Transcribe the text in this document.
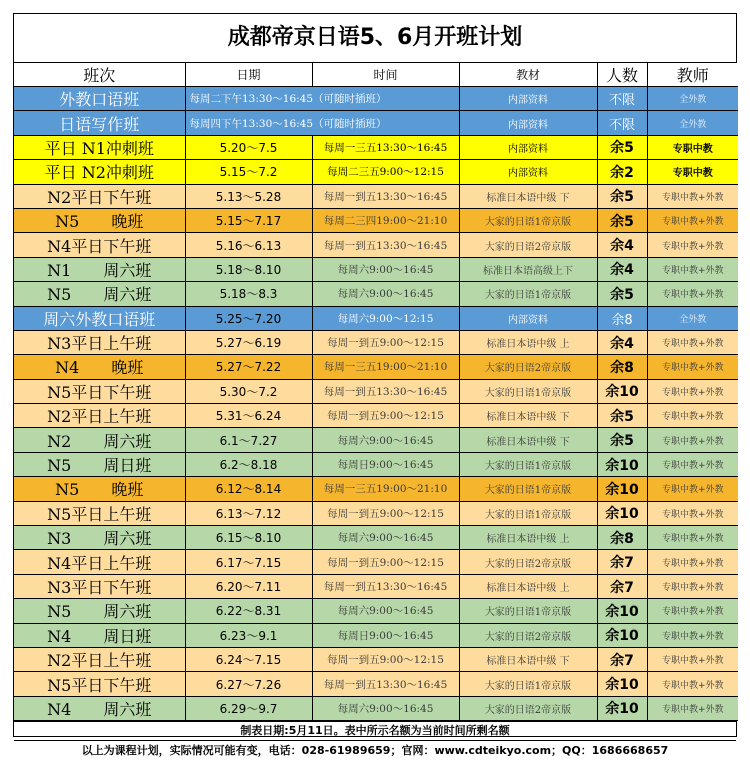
成都帝京日语5、6月开班计划
班次	日期	时间	教材	人数	教师
外教口语班	每周二下午13:30～16:45（可随时插班）		内部资料	不限	全外教
日语写作班	每周四下午13:30～16:45（可随时插班）		内部资料	不限	全外教
平日 N1冲刺班	5.20～7.5	每周一三五13:30～16:45	内部资料	余5	专职中教
平日 N2冲刺班	5.15～7.2	每周二三五9:00～12:15	内部资料	余2	专职中教
N2平日下午班	5.13～5.28	每周一到五13:30～16:45	标准日本语中级 下	余5	专职中教+外教
N5　　晚班	5.15～7.17	每周二三四19:00～21:10	大家的日语1帝京版	余5	专职中教+外教
N4平日下午班	5.16～6.13	每周一到五13:30～16:45	大家的日语2帝京版	余4	专职中教+外教
N1　　周六班	5.18～8.10	每周六9:00～16:45	标准日本语高级上下	余4	专职中教+外教
N5　　周六班	5.18～8.3	每周六9:00～16:45	大家的日语1帝京版	余5	专职中教+外教
周六外教口语班	5.25～7.20	每周六9:00～12:15	内部资料	余8	全外教
N3平日上午班	5.27～6.19	每周一到五9:00～12:15	标准日本语中级 上	余4	专职中教+外教
N4　　晚班	5.27～7.22	每周一三五19:00～21:10	大家的日语2帝京版	余8	专职中教+外教
N5平日下午班	5.30～7.2	每周一到五13:30～16:45	大家的日语1帝京版	余10	专职中教+外教
N2平日上午班	5.31～6.24	每周一到五9:00～12:15	标准日本语中级 下	余5	专职中教+外教
N2　　周六班	6.1～7.27	每周六9:00～16:45	标准日本语中级 下	余5	专职中教+外教
N5　　周日班	6.2～8.18	每周日9:00～16:45	大家的日语1帝京版	余10	专职中教+外教
N5　　晚班	6.12～8.14	每周一三五19:00～21:10	大家的日语1帝京版	余10	专职中教+外教
N5平日上午班	6.13～7.12	每周一到五9:00～12:15	大家的日语1帝京版	余10	专职中教+外教
N3　　周六班	6.15～8.10	每周六9:00～16:45	标准日本语中级 上	余8	专职中教+外教
N4平日上午班	6.17～7.15	每周一到五9:00～12:15	大家的日语2帝京版	余7	专职中教+外教
N3平日下午班	6.20～7.11	每周一到五13:30～16:45	标准日本语中级 上	余7	专职中教+外教
N5　　周六班	6.22～8.31	每周六9:00～16:45	大家的日语1帝京版	余10	专职中教+外教
N4　　周日班	6.23～9.1	每周日9:00～16:45	大家的日语2帝京版	余10	专职中教+外教
N2平日上午班	6.24～7.15	每周一到五9:00～12:15	标准日本语中级 下	余7	专职中教+外教
N5平日下午班	6.27～7.26	每周一到五13:30～16:45	大家的日语1帝京版	余10	专职中教+外教
N4　　周六班	6.29～9.7	每周六9:00～16:45	大家的日语2帝京版	余10	专职中教+外教
制表日期:5月11日。表中所示名额为当前时间所剩名额
以上为课程计划，实际情况可能有变，电话：028-61989659；官网：www.cdteikyo.com；QQ：1686668657
